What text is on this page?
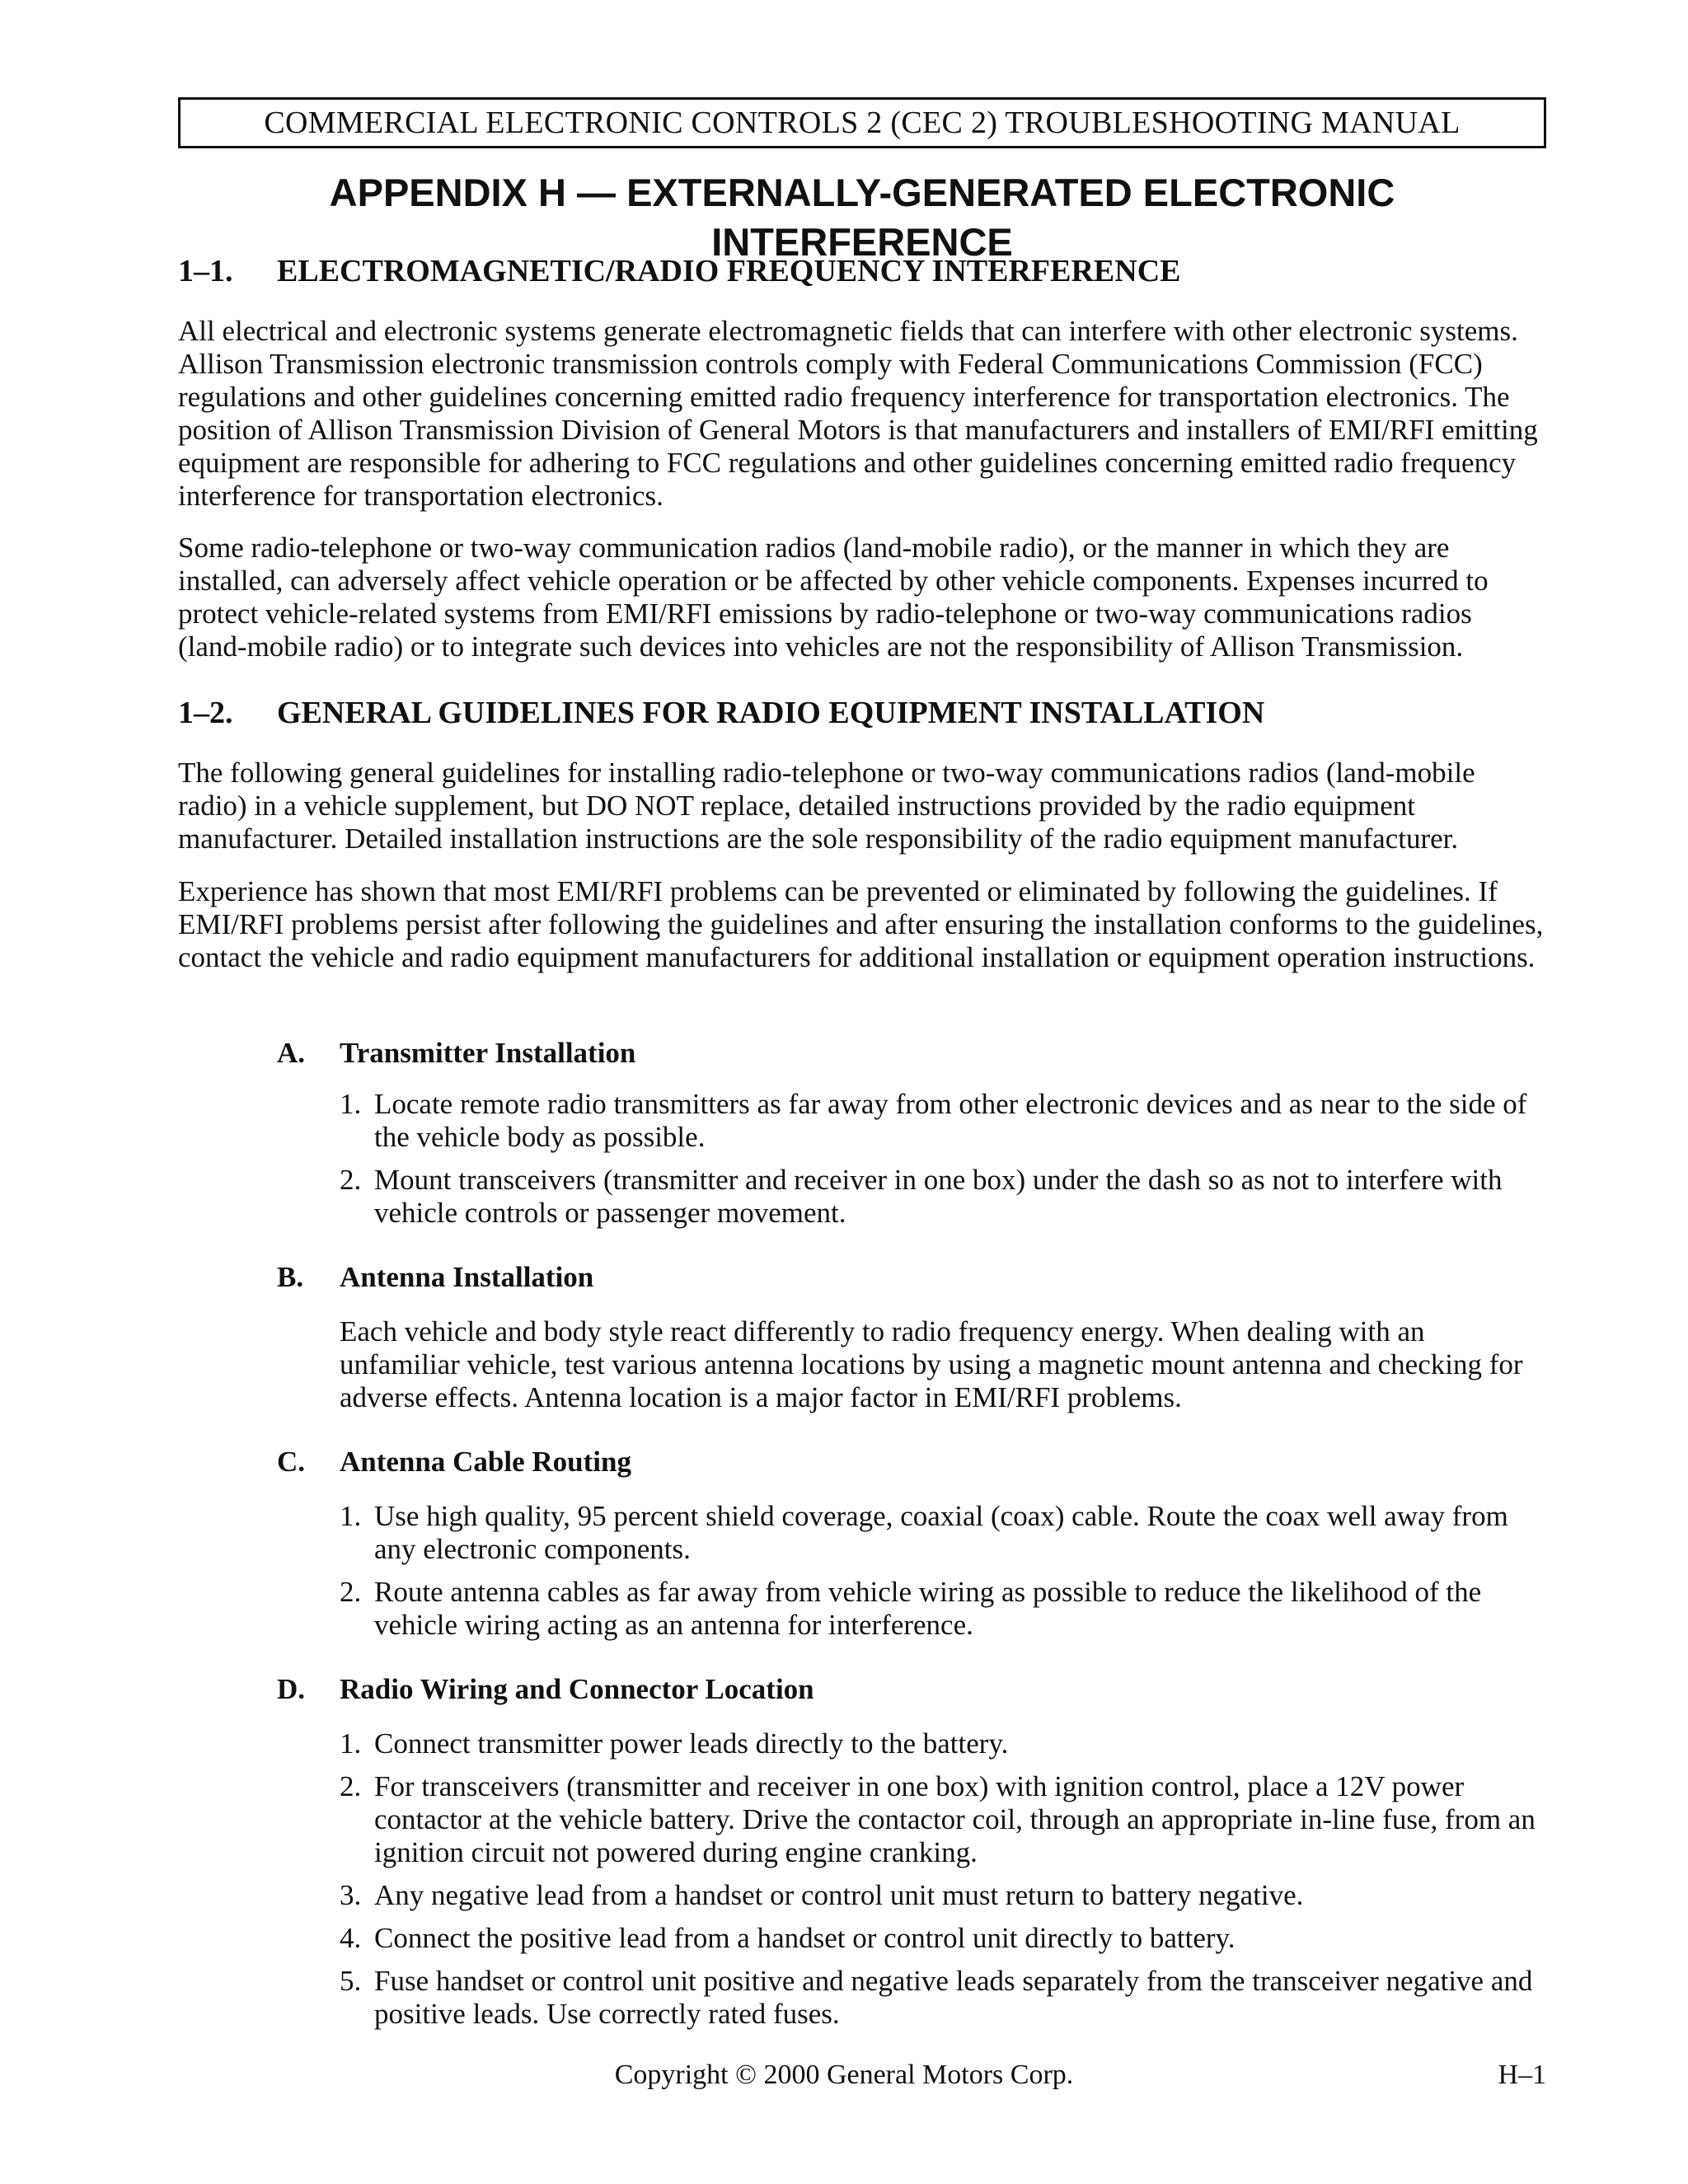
COMMERCIAL ELECTRONIC CONTROLS 2 (CEC 2) TROUBLESHOOTING MANUAL
APPENDIX H — EXTERNALLY-GENERATED ELECTRONIC INTERFERENCE
1–1. ELECTROMAGNETIC/RADIO FREQUENCY INTERFERENCE

All electrical and electronic systems generate electromagnetic fields that can interfere with other electronic systems. Allison Transmission electronic transmission controls comply with Federal Communications Commission (FCC) regulations and other guidelines concerning emitted radio frequency interference for transportation electronics. The position of Allison Transmission Division of General Motors is that manufacturers and installers of EMI/RFI emitting equipment are responsible for adhering to FCC regulations and other guidelines concerning emitted radio frequency interference for transportation electronics.

Some radio-telephone or two-way communication radios (land-mobile radio), or the manner in which they are installed, can adversely affect vehicle operation or be affected by other vehicle components. Expenses incurred to protect vehicle-related systems from EMI/RFI emissions by radio-telephone or two-way communications radios (land-mobile radio) or to integrate such devices into vehicles are not the responsibility of Allison Transmission.

1–2. GENERAL GUIDELINES FOR RADIO EQUIPMENT INSTALLATION

The following general guidelines for installing radio-telephone or two-way communications radios (land-mobile radio) in a vehicle supplement, but DO NOT replace, detailed instructions provided by the radio equipment manufacturer. Detailed installation instructions are the sole responsibility of the radio equipment manufacturer.

Experience has shown that most EMI/RFI problems can be prevented or eliminated by following the guidelines. If EMI/RFI problems persist after following the guidelines and after ensuring the installation conforms to the guidelines, contact the vehicle and radio equipment manufacturers for additional installation or equipment operation instructions.

A. Transmitter Installation
1. Locate remote radio transmitters as far away from other electronic devices and as near to the side of the vehicle body as possible.
2. Mount transceivers (transmitter and receiver in one box) under the dash so as not to interfere with vehicle controls or passenger movement.
B. Antenna Installation

Each vehicle and body style react differently to radio frequency energy. When dealing with an unfamiliar vehicle, test various antenna locations by using a magnetic mount antenna and checking for adverse effects. Antenna location is a major factor in EMI/RFI problems.

C. Antenna Cable Routing
1. Use high quality, 95 percent shield coverage, coaxial (coax) cable. Route the coax well away from any electronic components.
2. Route antenna cables as far away from vehicle wiring as possible to reduce the likelihood of the vehicle wiring acting as an antenna for interference.
D. Radio Wiring and Connector Location
1. Connect transmitter power leads directly to the battery.
2. For transceivers (transmitter and receiver in one box) with ignition control, place a 12V power contactor at the vehicle battery. Drive the contactor coil, through an appropriate in-line fuse, from an ignition circuit not powered during engine cranking.
3. Any negative lead from a handset or control unit must return to battery negative.
4. Connect the positive lead from a handset or control unit directly to battery.
5. Fuse handset or control unit positive and negative leads separately from the transceiver negative and positive leads. Use correctly rated fuses.
Copyright © 2000 General Motors Corp.	H–1
